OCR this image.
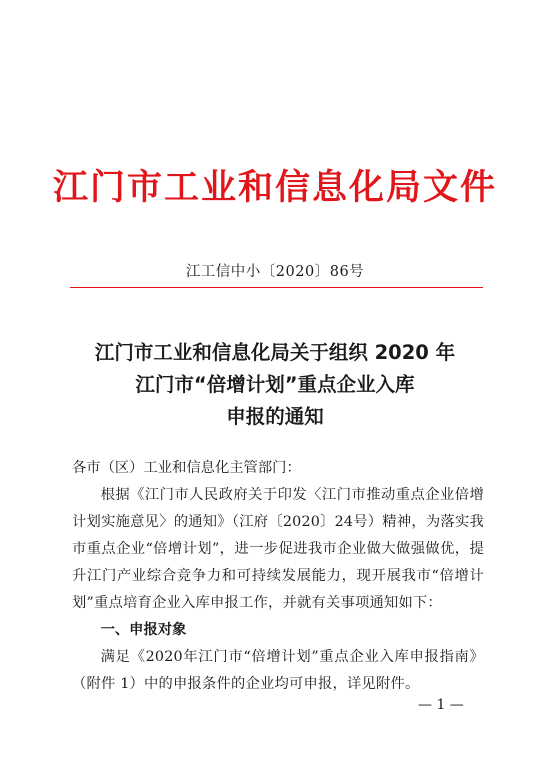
江门市工业和信息化局文件
江工信中小〔2020〕86号
江门市工业和信息化局关于组织 2020 年
江门市“倍增计划”重点企业入库
申报的通知

各市（区）工业和信息化主管部门：

根据《江门市人民政府关于印发〈江门市推动重点企业倍增计划实施意见〉的通知》（江府〔2020〕24号）精神，为落实我市重点企业“倍增计划”，进一步促进我市企业做大做强做优，提升江门产业综合竞争力和可持续发展能力，现开展我市“倍增计划”重点培育企业入库申报工作，并就有关事项通知如下：

一、申报对象

满足《2020年江门市“倍增计划”重点企业入库申报指南》（附件 1）中的申报条件的企业均可申报，详见附件。

— 1 —
